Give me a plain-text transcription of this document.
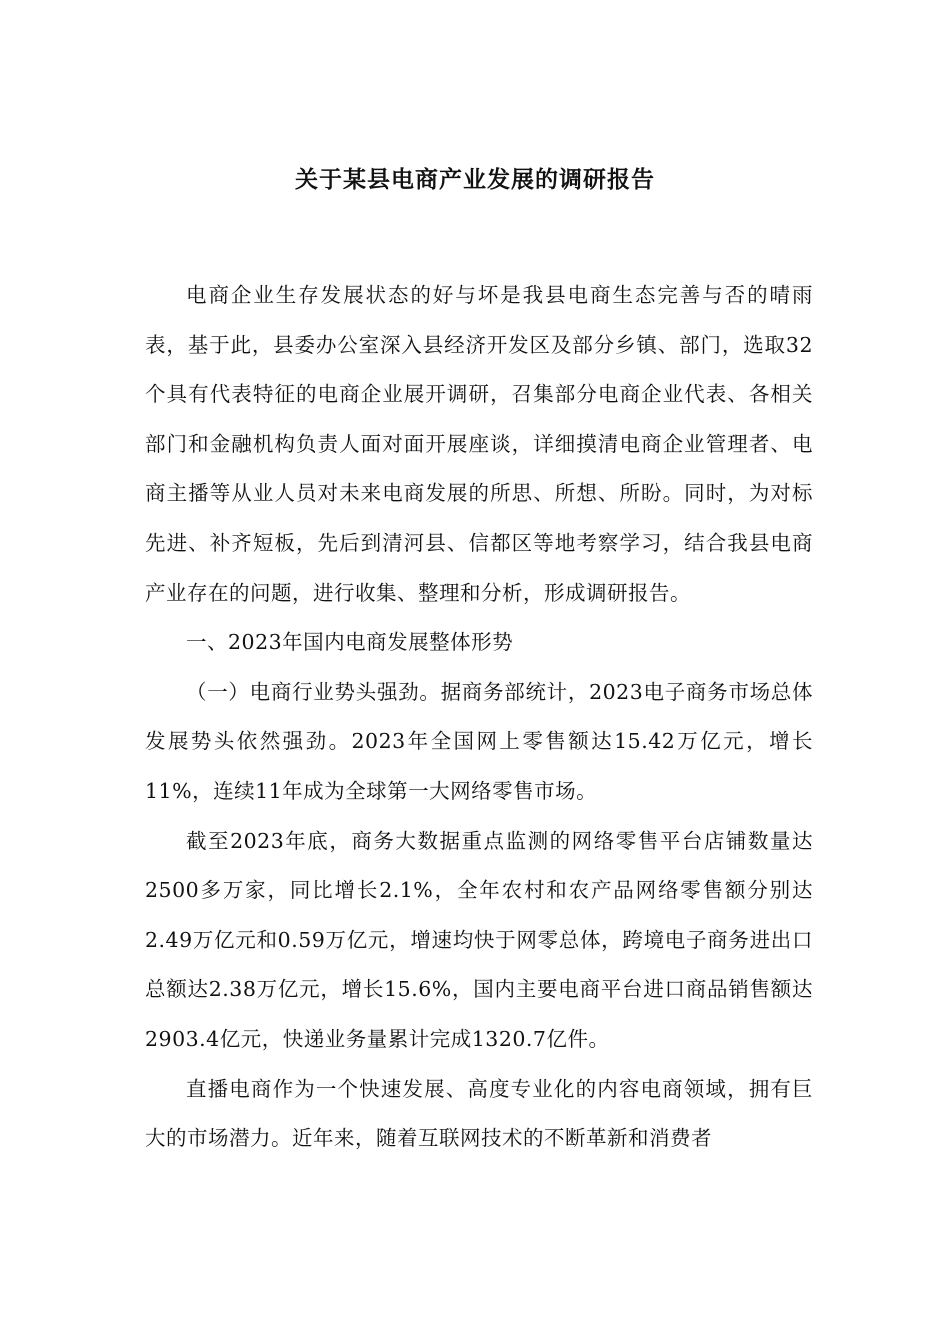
关于某县电商产业发展的调研报告

电商企业生存发展状态的好与坏是我县电商生态完善与否的晴雨表，基于此，县委办公室深入县经济开发区及部分乡镇、部门，选取32个具有代表特征的电商企业展开调研，召集部分电商企业代表、各相关部门和金融机构负责人面对面开展座谈，详细摸清电商企业管理者、电商主播等从业人员对未来电商发展的所思、所想、所盼。同时，为对标先进、补齐短板，先后到清河县、信都区等地考察学习，结合我县电商产业存在的问题，进行收集、整理和分析，形成调研报告。

一、2023年国内电商发展整体形势

（一）电商行业势头强劲。据商务部统计，2023电子商务市场总体发展势头依然强劲。2023年全国网上零售额达15.42万亿元，增长11%，连续11年成为全球第一大网络零售市场。

截至2023年底，商务大数据重点监测的网络零售平台店铺数量达2500多万家，同比增长2.1%，全年农村和农产品网络零售额分别达2.49万亿元和0.59万亿元，增速均快于网零总体，跨境电子商务进出口总额达2.38万亿元，增长15.6%，国内主要电商平台进口商品销售额达2903.4亿元，快递业务量累计完成1320.7亿件。

直播电商作为一个快速发展、高度专业化的内容电商领域，拥有巨大的市场潜力。近年来，随着互联网技术的不断革新和消费者
